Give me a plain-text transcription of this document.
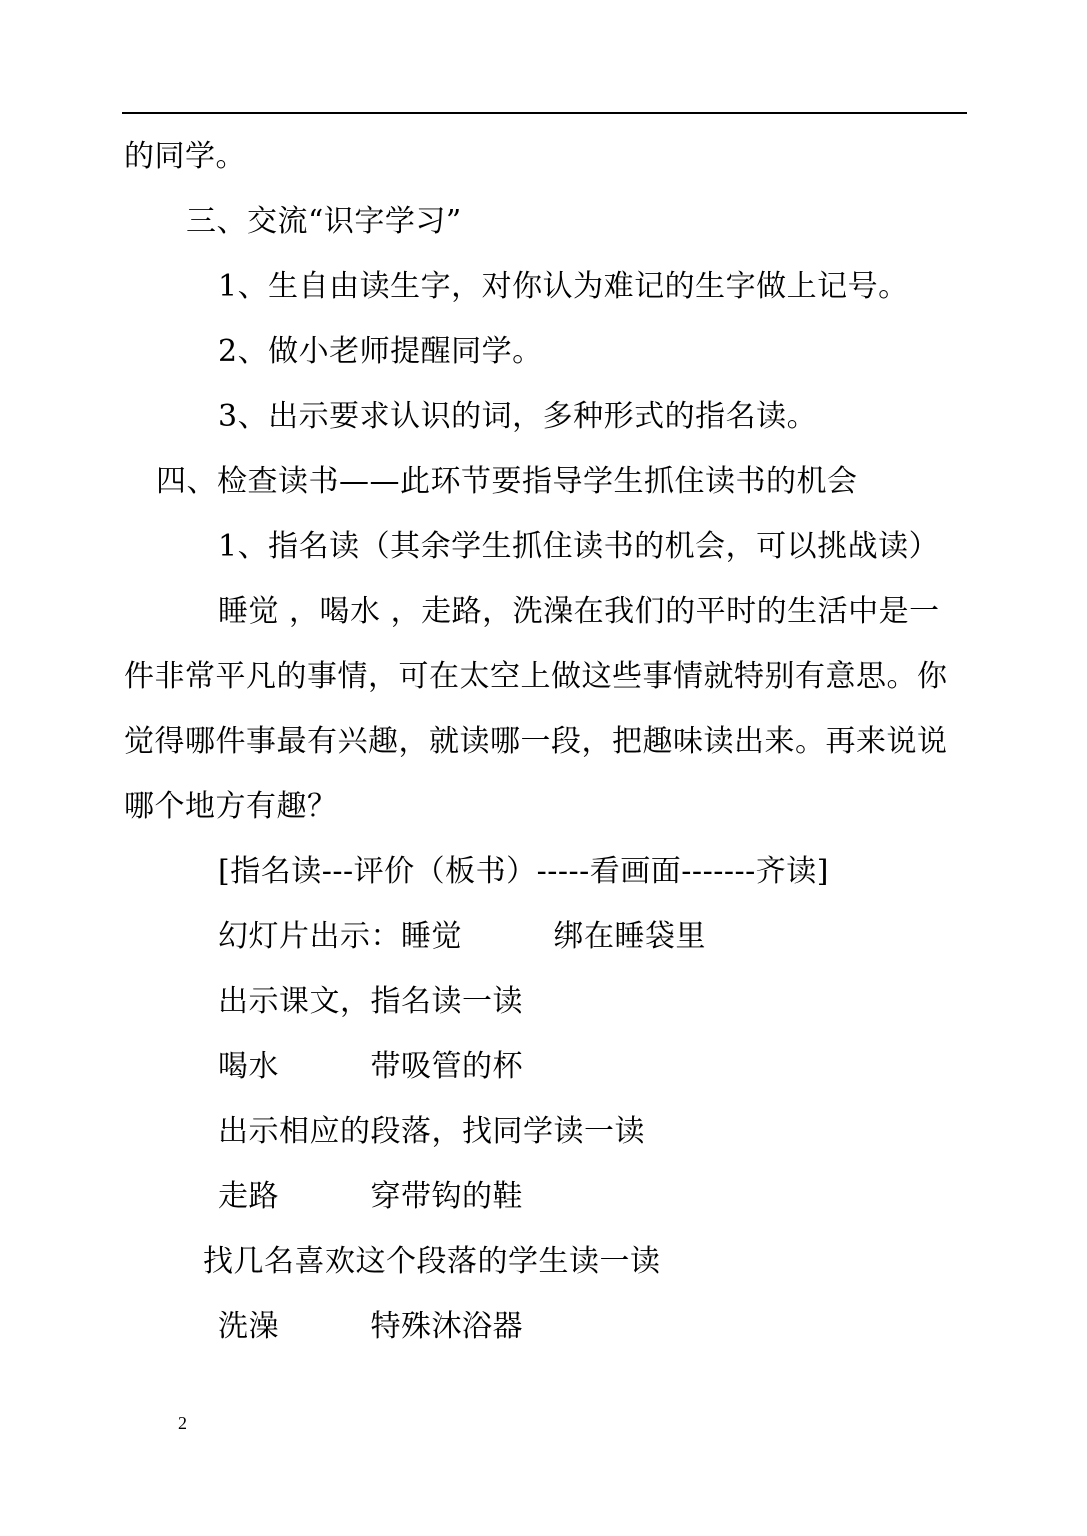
的同学。
三、交流“识字学习”
1、生自由读生字，对你认为难记的生字做上记号。
2、做小老师提醒同学。
3、出示要求认识的词，多种形式的指名读。
四、检查读书——此环节要指导学生抓住读书的机会
1、指名读（其余学生抓住读书的机会，可以挑战读）
睡觉 ，喝水 ，走路，洗澡在我们的平时的生活中是一
件非常平凡的事情，可在太空上做这些事情就特别有意思。你
觉得哪件事最有兴趣，就读哪一段，把趣味读出来。再来说说
哪个地方有趣？
[指名读---评价（板书）-----看画面-------齐读]
幻灯片出示：睡觉　　　绑在睡袋里
出示课文，指名读一读
喝水　　　带吸管的杯
出示相应的段落，找同学读一读
走路　　　穿带钩的鞋
找几名喜欢这个段落的学生读一读
洗澡　　　特殊沐浴器
2
